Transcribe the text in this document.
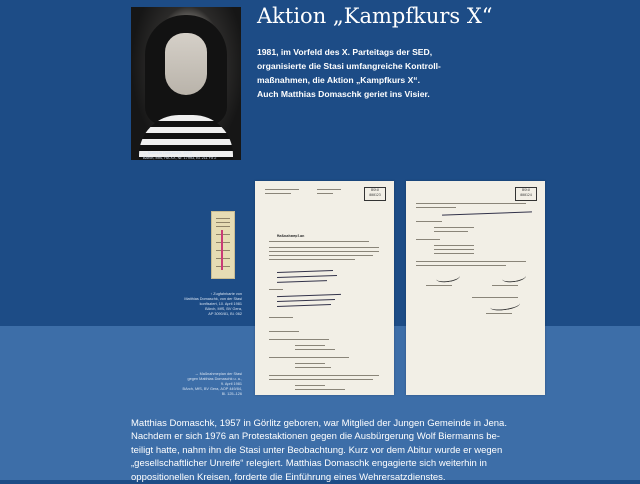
Aktion „Kampfkurs X“
1981, im Vorfeld des X. Parteitags der SED,
organisierte die Stasi umfangreiche Kontroll-
maßnahmen, die Aktion „Kampfkurs X“.
Auch Matthias Domaschk geriet ins Visier.
← Matthias Domaschk, 1979
BArch, MfS, HA XX, Nr. 17993, Bl. 211 Fo 2
↑ Zugfahrkarte von
Matthias Domaschk, von der Stasi
konfisziert, 10. April 1981
BArch, MfS, BV Gera,
AP 3090/81, Bl. 062
→ Maßnahmeplan der Stasi
gegen Matthias Domaschk u. a.,
9. April 1981
BArch, MfS, BV Gera, AOP 449/84,
Bl. 125–126
BStU
000123
Maßnahmeplan
BStU
000124
Matthias Domaschk, 1957 in Görlitz geboren, war Mitglied der Jungen Gemeinde in Jena.
Nachdem er sich 1976 an Protestaktionen gegen die Ausbürgerung Wolf Biermanns be-
teiligt hatte, nahm ihn die Stasi unter Beobachtung. Kurz vor dem Abitur wurde er wegen
„gesellschaftlicher Unreife“ relegiert. Matthias Domaschk engagierte sich weiterhin in
oppositionellen Kreisen, forderte die Einführung eines Wehrersatzdienstes.
